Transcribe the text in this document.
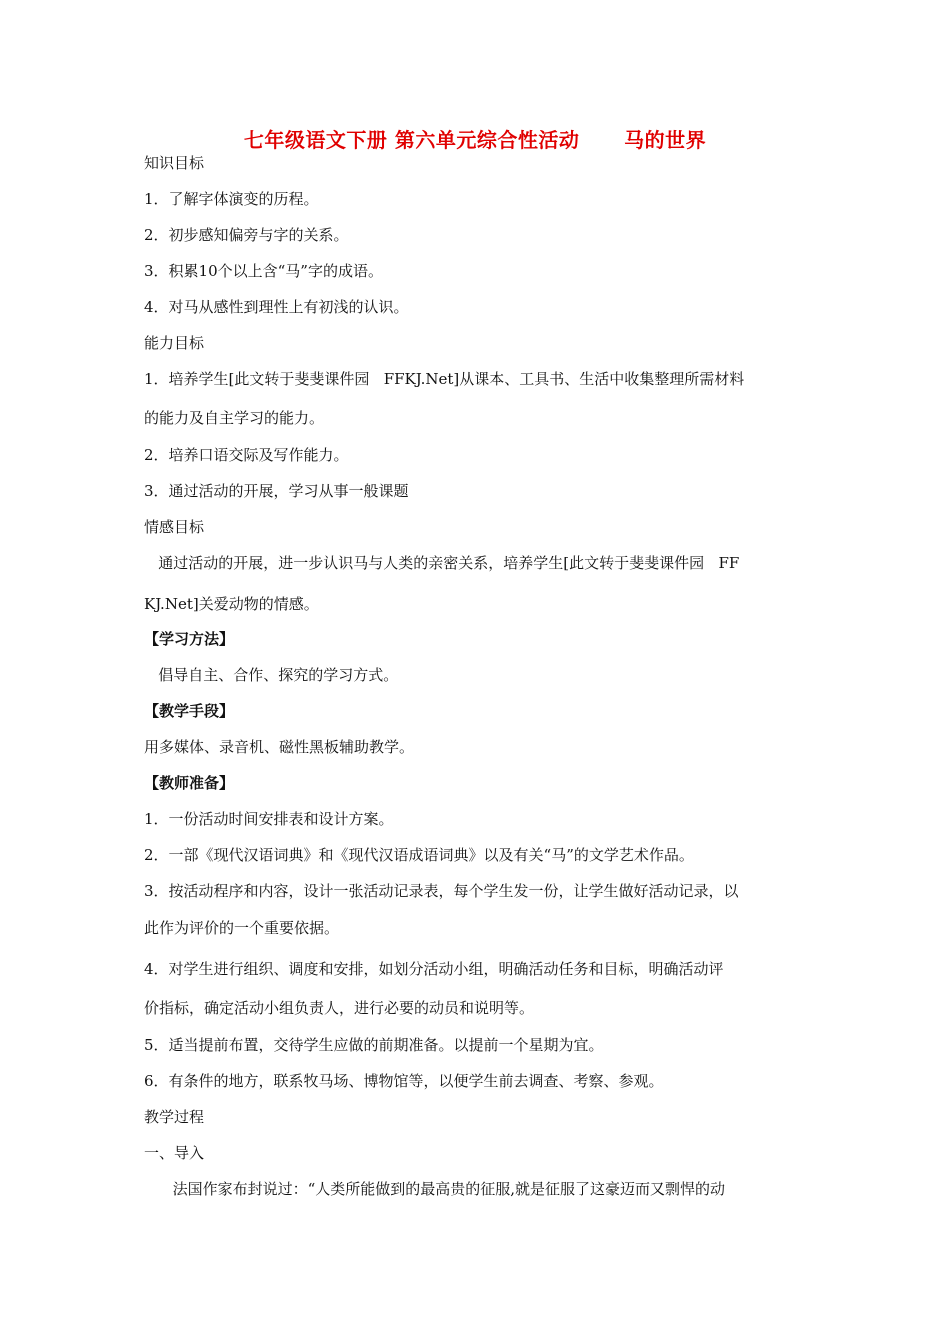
七年级语文下册 第六单元综合性活动      马的世界
知识目标
1．了解字体演变的历程。
2．初步感知偏旁与字的关系。
3．积累10个以上含“马”字的成语。
4．对马从感性到理性上有初浅的认识。
能力目标
1．培养学生[此文转于斐斐课件园   FFKJ.Net]从课本、工具书、生活中收集整理所需材料
的能力及自主学习的能力。
2．培养口语交际及写作能力。
3．通过活动的开展，学习从事一般课题
情感目标
通过活动的开展，进一步认识马与人类的亲密关系，培养学生[此文转于斐斐课件园   FF
KJ.Net]关爱动物的情感。
【学习方法】
倡导自主、合作、探究的学习方式。
【教学手段】
用多媒体、录音机、磁性黑板辅助教学。
【教师准备】
1．一份活动时间安排表和设计方案。
2．一部《现代汉语词典》和《现代汉语成语词典》以及有关“马”的文学艺术作品。
3．按活动程序和内容，设计一张活动记录表，每个学生发一份，让学生做好活动记录，以
此作为评价的一个重要依据。
4．对学生进行组织、调度和安排，如划分活动小组，明确活动任务和目标，明确活动评
价指标，确定活动小组负责人，进行必要的动员和说明等。
5．适当提前布置，交待学生应做的前期准备。以提前一个星期为宜。
6．有条件的地方，联系牧马场、博物馆等，以便学生前去调查、考察、参观。
教学过程
一、导入
法国作家布封说过：“人类所能做到的最高贵的征服,就是征服了这豪迈而又剽悍的动
